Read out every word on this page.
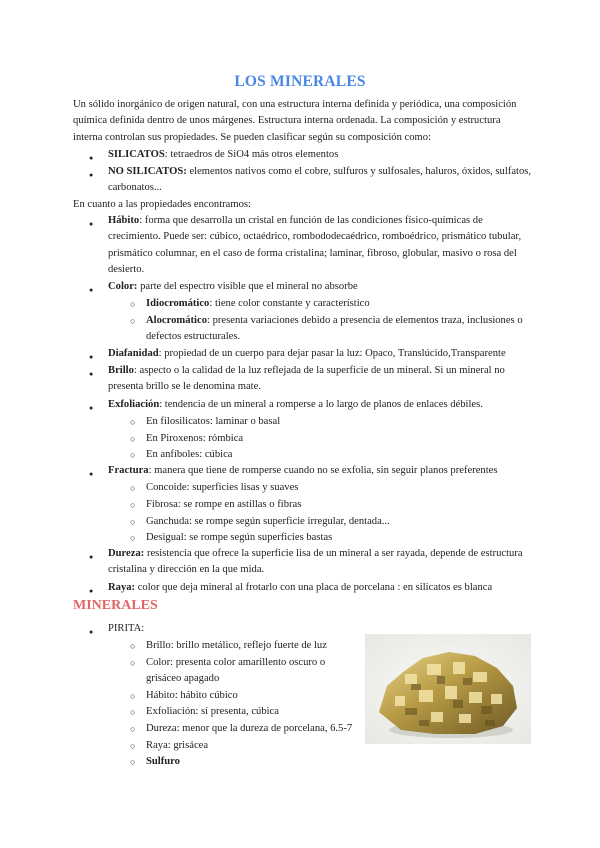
LOS MINERALES
Un sólido inorgánico de origen natural, con una estructura interna definida y periódica, una composición
química definida dentro de unos márgenes. Estructura interna ordenada. La composición y estructura
interna controlan sus propiedades. Se pueden clasificar según su composición como:
● SILICATOS: tetraedros de SiO4 más otros elementos
● NO SILICATOS: elementos nativos como el cobre, sulfuros y sulfosales, haluros, óxidos, sulfatos,
carbonatos...
En cuanto a las propiedades encontramos:
● Hábito: forma que desarrolla un cristal en función de las condiciones físico-químicas de
crecimiento. Puede ser: cúbico, octaédrico, rombododecaédrico, romboédrico, prismático tubular,
prismático columnar, en el caso de forma cristalina; laminar, fibroso, globular, masivo o rosa del
desierto.
● Color: parte del espectro visible que el mineral no absorbe
○ Idiocromático: tiene color constante y característico
○ Alocromático: presenta variaciones debido a presencia de elementos traza, inclusiones o
defectos estructurales.
● Diafanidad: propiedad de un cuerpo para dejar pasar la luz: Opaco, Translúcido,Transparente
● Brillo: aspecto o la calidad de la luz reflejada de la superficie de un mineral. Si un mineral no
presenta brillo se le denomina mate.
● Exfoliación: tendencia de un mineral a romperse a lo largo de planos de enlaces débiles.
○ En filosilicatos: laminar o basal
○ En Piroxenos: rómbica
○ En anfíboles: cúbica
● Fractura: manera que tiene de romperse cuando no se exfolia, sin seguir planos preferentes
○ Concoide: superficies lisas y suaves
○ Fibrosa: se rompe en astillas o fibras
○ Ganchuda: se rompe según superficie irregular, dentada...
○ Desigual: se rompe según superficies bastas
● Dureza: resistencia que ofrece la superficie lisa de un mineral a ser rayada, depende de estructura
cristalina y dirección en la que mida.
● Raya: color que deja mineral al frotarlo con una placa de porcelana : en silicatos es blanca
MINERALES
● PIRITA:
○ Brillo: brillo metálico, reflejo fuerte de luz
○ Color: presenta color amarillento oscuro o
grisáceo apagado
○ Hábito: hábito cúbico
○ Exfoliación: sí presenta, cúbica
○ Dureza: menor que la dureza de porcelana, 6.5-7
○ Raya: grisácea
○ Sulfuro
